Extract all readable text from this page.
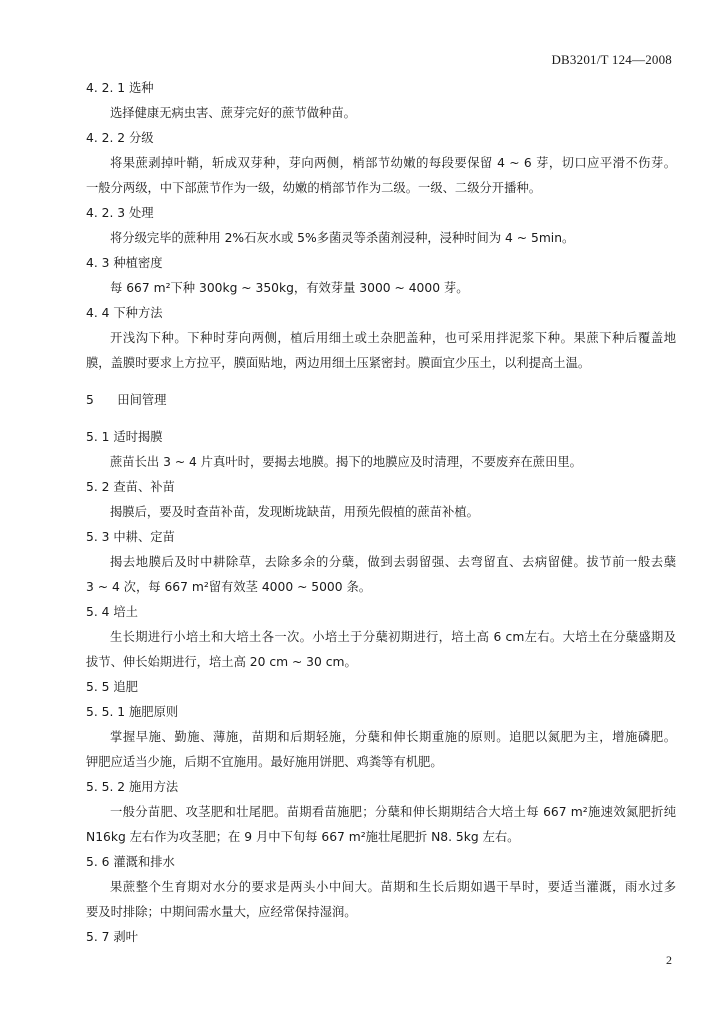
DB3201/T 124—2008
4. 2. 1 选种
选择健康无病虫害、蔗芽完好的蔗节做种苗。
4. 2. 2 分级
将果蔗剥掉叶鞘，斩成双芽种，芽向两侧，梢部节幼嫩的每段要保留 4 ~ 6 芽，切口应平滑不伤芽。
一般分两级，中下部蔗节作为一级，幼嫩的梢部节作为二级。一级、二级分开播种。
4. 2. 3 处理
将分级完毕的蔗种用 2%石灰水或 5%多菌灵等杀菌剂浸种，浸种时间为 4 ~ 5min。
4. 3 种植密度
每 667 m²下种 300kg ~ 350kg，有效芽量 3000 ~ 4000 芽。
4. 4 下种方法
开浅沟下种。下种时芽向两侧，植后用细土或土杂肥盖种，也可采用拌泥浆下种。果蔗下种后覆盖地
膜，盖膜时要求上方拉平，膜面贴地，两边用细土压紧密封。膜面宜少压土，以利提高土温。
5      田间管理
5. 1 适时揭膜
蔗苗长出 3 ~ 4 片真叶时，要揭去地膜。揭下的地膜应及时清理，不要废弃在蔗田里。
5. 2 查苗、补苗
揭膜后，要及时查苗补苗，发现断垅缺苗，用预先假植的蔗苗补植。
5. 3 中耕、定苗
揭去地膜后及时中耕除草，去除多余的分蘖，做到去弱留强、去弯留直、去病留健。拔节前一般去蘖
3 ~ 4 次，每 667 m²留有效茎 4000 ~ 5000 条。
5. 4 培土
生长期进行小培土和大培土各一次。小培土于分蘖初期进行，培土高 6 cm左右。大培土在分蘖盛期及
拔节、伸长始期进行，培土高 20 cm ~ 30 cm。
5. 5 追肥
5. 5. 1 施肥原则
掌握早施、勤施、薄施，苗期和后期轻施，分蘖和伸长期重施的原则。追肥以氮肥为主，增施磷肥。
钾肥应适当少施，后期不宜施用。最好施用饼肥、鸡粪等有机肥。
5. 5. 2 施用方法
一般分苗肥、攻茎肥和壮尾肥。苗期看苗施肥；分蘖和伸长期期结合大培土每 667 m²施速效氮肥折纯
N16kg 左右作为攻茎肥；在 9 月中下旬每 667 m²施壮尾肥折 N8. 5kg 左右。
5. 6 灌溉和排水
果蔗整个生育期对水分的要求是两头小中间大。苗期和生长后期如遇干旱时，要适当灌溉，雨水过多
要及时排除；中期间需水量大，应经常保持湿润。
5. 7 剥叶
2
